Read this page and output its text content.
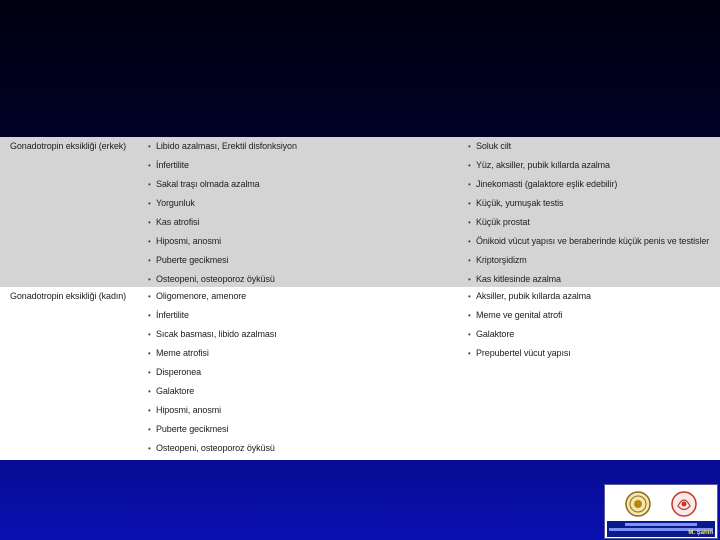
Gonadotropin eksikliği (erkek)	• Libido azalması, Erektil disfonksiyon
• İnfertilite
• Sakal traşı olmada azalma
• Yorgunluk
• Kas atrofisi
• Hiposmi, anosmi
• Puberte gecikmesi
• Osteopeni, osteoporoz öyküsü
• Soluk cilt
• Yüz, aksiller, pubik kıllarda azalma
• Jinekomasti (galaktore eşlik edebilir)
• Küçük, yumuşak testis
• Küçük prostat
• Önikoid vücut yapısı ve beraberinde küçük penis ve testisler
• Kriptorşidizm
• Kas kitlesinde azalma
Gonadotropin eksikliği (kadın)	• Oligomenore, amenore
• İnfertilite
• Sıcak basması, libido azalması
• Meme atrofisi
• Disperonea
• Galaktore
• Hiposmi, anosmi
• Puberte gecikmesi
• Osteopeni, osteoporoz öyküsü
• Aksiller, pubik kıllarda azalma
• Meme ve genital atrofi
• Galaktore
• Prepubertel vücut yapısı
M. Şahin
